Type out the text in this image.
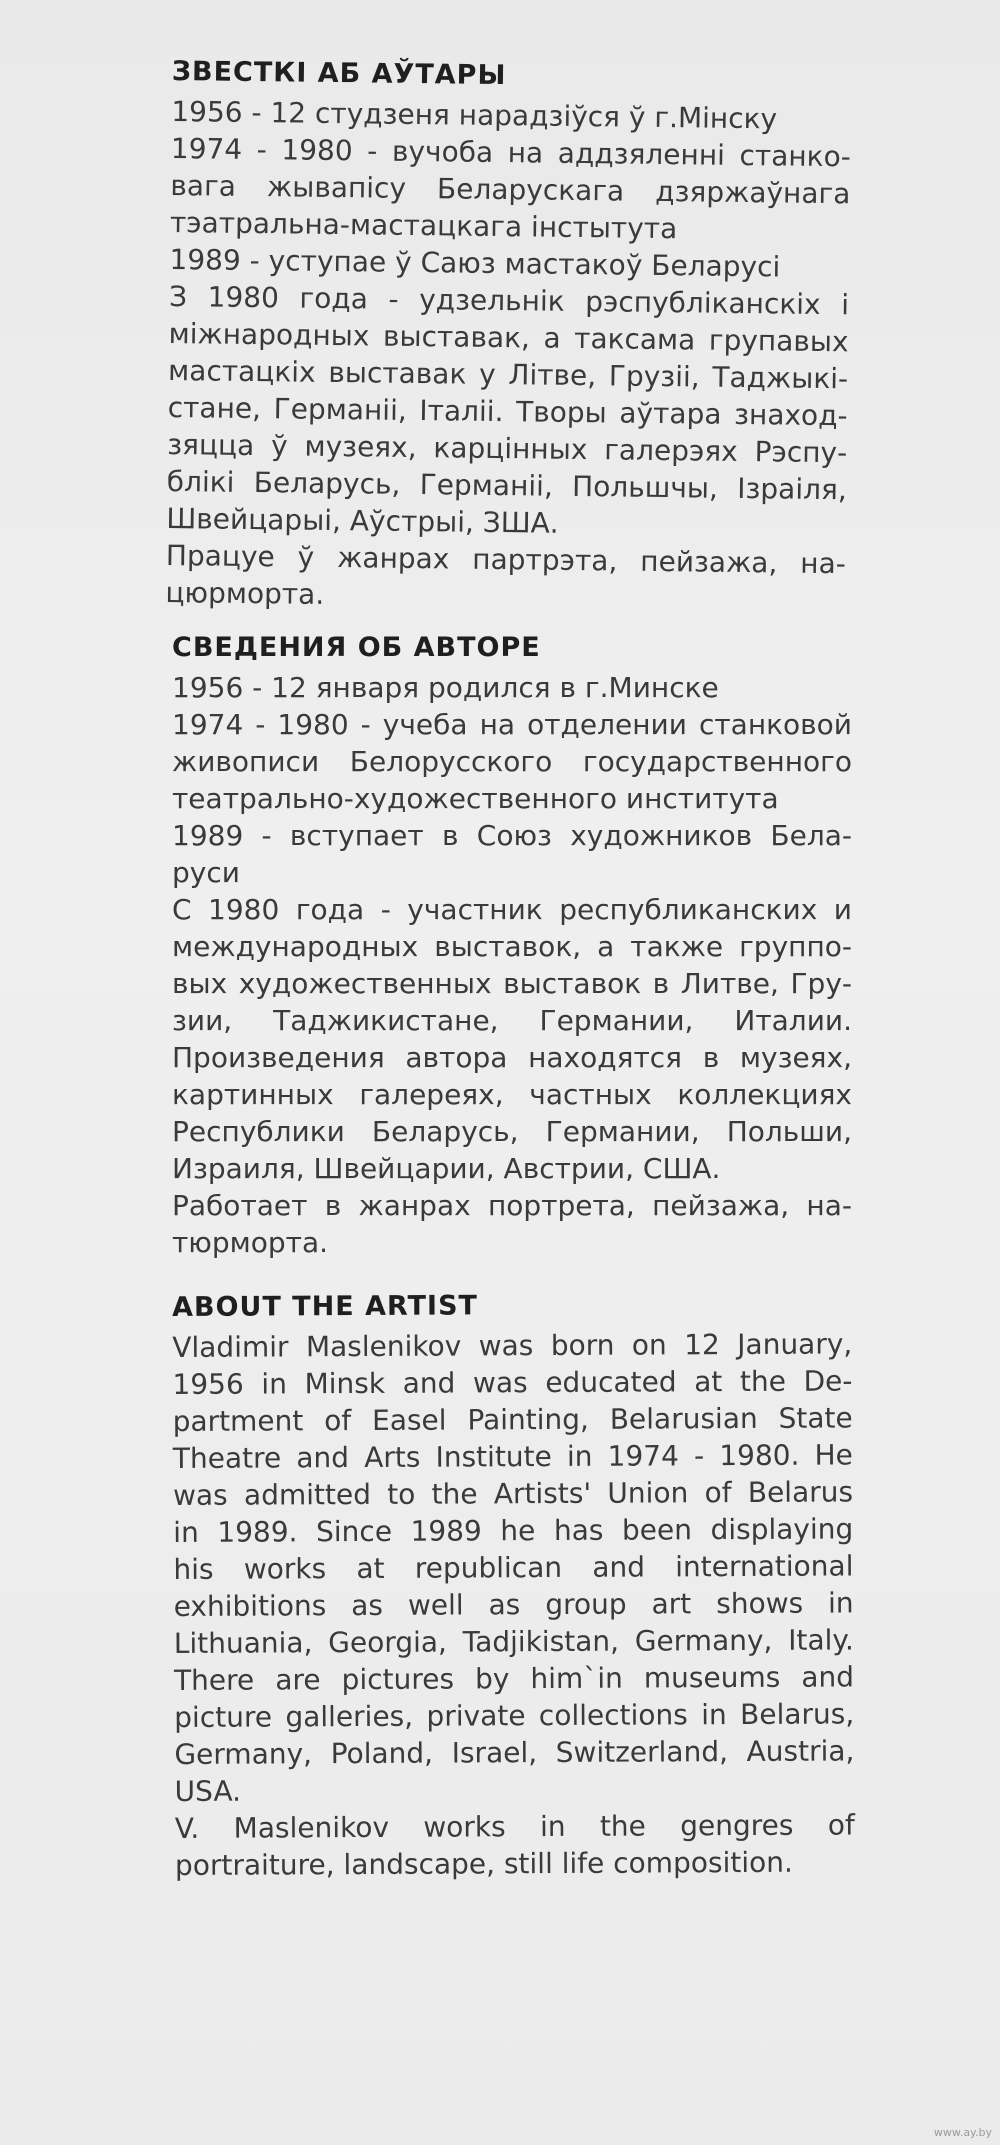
ЗВЕСТКІ АБ АЎТАРЫ
1956 - 12 студзеня нарадзіўся ў г.Мінску
1974 - 1980 - вучоба на аддзяленні станко-
вага жывапісу Беларускага дзяржаўнага
тэатральна-мастацкага інстытута
1989 - уступае ў Саюз мастакоў Беларусі
З 1980 года - удзельнік рэспубліканскіх і
міжнародных выставак, а таксама групавых
мастацкіх выставак у Літве, Грузіі, Таджыкі-
стане, Германіі, Італіі. Творы аўтара знаход-
зяцца ў музеях, карцінных галерэях Рэспу-
блікі Беларусь, Германіі, Польшчы, Ізраіля,
Швейцарыі, Аўстрыі, ЗША.
Працуе ў жанрах партрэта, пейзажа, на-
цюрморта.
СВЕДЕНИЯ ОБ АВТОРЕ
1956 - 12 января родился в г.Минске
1974 - 1980 - учеба на отделении станковой
живописи Белорусского государственного
театрально-художественного института
1989 - вступает в Союз художников Бела-
руси
С 1980 года - участник республиканских и
международных выставок, а также группо-
вых художественных выставок в Литве, Гру-
зии, Таджикистане, Германии, Италии.
Произведения автора находятся в музеях,
картинных галереях, частных коллекциях
Республики Беларусь, Германии, Польши,
Израиля, Швейцарии, Австрии, США.
Работает в жанрах портрета, пейзажа, на-
тюрморта.
ABOUT THE ARTIST
Vladimir Maslenikov was born on 12 January,
1956 in Minsk and was educated at the De-
partment of Easel Painting, Belarusian State
Theatre and Arts Institute in 1974 - 1980. He
was admitted to the Artists' Union of Belarus
in 1989. Since 1989 he has been displaying
his works at republican and international
exhibitions as well as group art shows in
Lithuania, Georgia, Tadjikistan, Germany, Italy.
There are pictures by him`in museums and
picture galleries, private collections in Belarus,
Germany, Poland, Israel, Switzerland, Austria,
USA.
V. Maslenikov works in the gengres of
portraiture, landscape, still life composition.
www.ay.by
